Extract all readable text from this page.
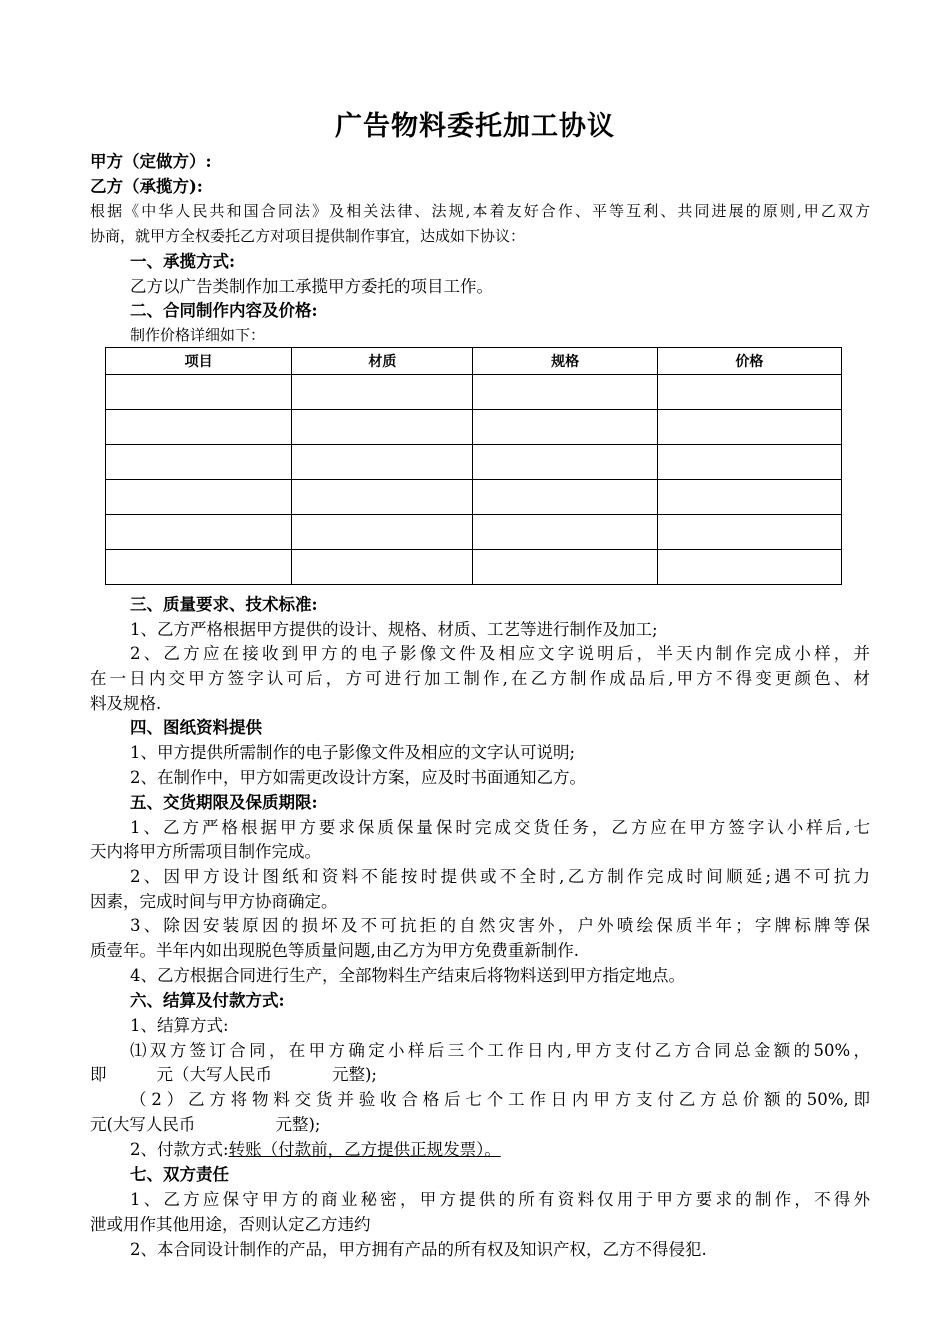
广告物料委托加工协议
甲方（定做方）:
乙方（承揽方):
根据《中华人民共和国合同法》及相关法律、法规,本着友好合作、平等互利、共同进展的原则,甲乙双方
协商，就甲方全权委托乙方对项目提供制作事宜，达成如下协议：
一、承揽方式:
乙方以广告类制作加工承揽甲方委托的项目工作。
二、合同制作内容及价格:
制作价格详细如下：
项目	材质	规格	价格

三、质量要求、技术标准:
1、乙方严格根据甲方提供的设计、规格、材质、工艺等进行制作及加工;
2、乙方应在接收到甲方的电子影像文件及相应文字说明后，半天内制作完成小样，并
在一日内交甲方签字认可后，方可进行加工制作,在乙方制作成品后,甲方不得变更颜色、材
料及规格.
四、图纸资料提供
1、甲方提供所需制作的电子影像文件及相应的文字认可说明;
2、在制作中，甲方如需更改设计方案，应及时书面通知乙方。
五、交货期限及保质期限:
1、乙方严格根据甲方要求保质保量保时完成交货任务，乙方应在甲方签字认小样后,七
天内将甲方所需项目制作完成。
2、因甲方设计图纸和资料不能按时提供或不全时,乙方制作完成时间顺延;遇不可抗力
因素，完成时间与甲方协商确定。
3、除因安装原因的损坏及不可抗拒的自然灾害外，户外喷绘保质半年；字牌标牌等保
质壹年。半年内如出现脱色等质量问题,由乙方为甲方免费重新制作.
4、乙方根据合同进行生产，全部物料生产结束后将物料送到甲方指定地点。
六、结算及付款方式:
1、结算方式:
⑴双方签订合同，在甲方确定小样后三个工作日内,甲方支付乙方合同总金额的50%，
即	元（大写人民币	元整);
（2）乙方将物料交货并验收合格后七个工作日内甲方支付乙方总价额的50%,即
元(大写人民币	元整);
2、付款方式:转账（付款前，乙方提供正规发票）。
七、双方责任
1、乙方应保守甲方的商业秘密，甲方提供的所有资料仅用于甲方要求的制作，不得外
泄或用作其他用途，否则认定乙方违约
2、本合同设计制作的产品，甲方拥有产品的所有权及知识产权，乙方不得侵犯.
